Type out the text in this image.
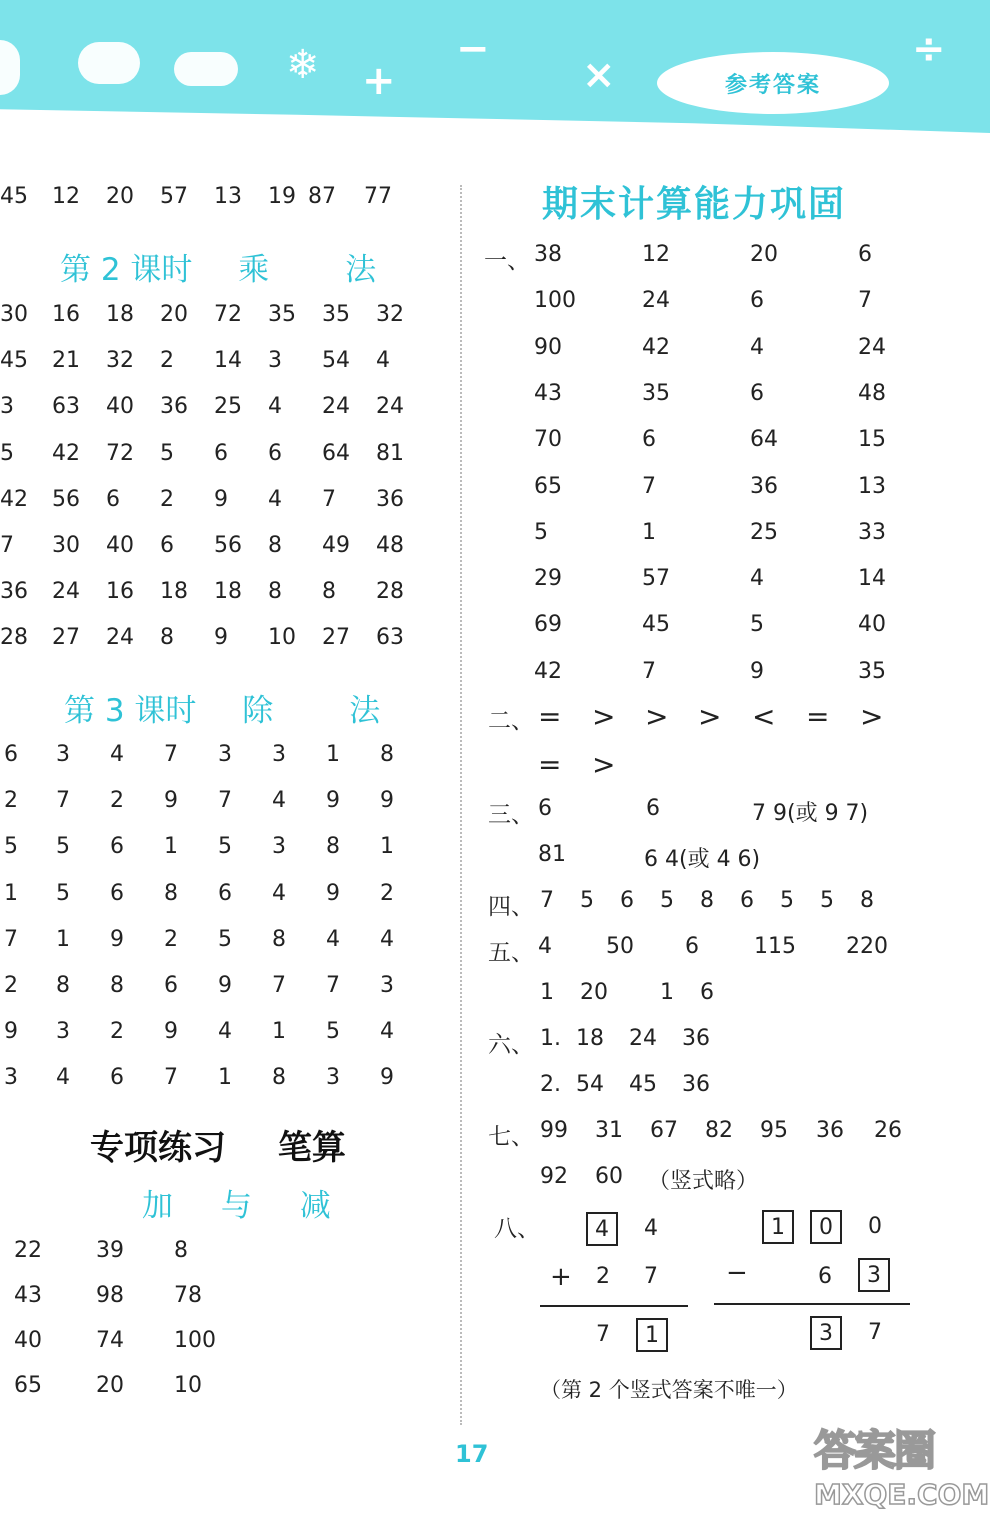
❄ +
−
×
÷
参考答案
45 12 20 57 13 19 87 77
第 2 课时 乘 法
30 16 18 20 72 35 35 32
45 21 32 2 14 3 54 4
3 63 40 36 25 4 24 24
5 42 72 5 6 6 64 81
42 56 6 2 9 4 7 36
7 30 40 6 56 8 49 48
36 24 16 18 18 8 8 28
28 27 24 8 9 10 27 63
第 3 课时 除 法
6 3 4 7 3 3 1 8
2 7 2 9 7 4 9 9
5 5 6 1 5 3 8 1
1 5 6 8 6 4 9 2
7 1 9 2 5 8 4 4
2 8 8 6 9 7 7 3
9 3 2 9 4 1 5 4
3 4 6 7 1 8 3 9
专项练习 笔算
加 与 减
22 39 8
43 98 78
40 74 100
65 20 10
期末计算能力巩固
一、 38	12	20	6
100	24	6	7
90	42	4	24
43	35	6	48
70	6	64	15
65	7	36	13
5	1	25	33
29	57	4	14
69	45	5	40
42	7	9	35
二、 = > > > < = >
= >
三、 6	6	7 9(或 9 7)
81	6 4(或 4 6)
四、 7 5 6 5 8 6 5 5 8
五、 4 50 6	115 220
1 20 1 6
六、 1. 18 24 36
2. 54 45 36
七、 99 31 67 82 95 36 26
92 60 （竖式略）
八、	4	4
+ 2 7
7	1
1	0	0
−	6	3
3	7
（第 2 个竖式答案不唯一）
17	答案圈
MXQE.COM
